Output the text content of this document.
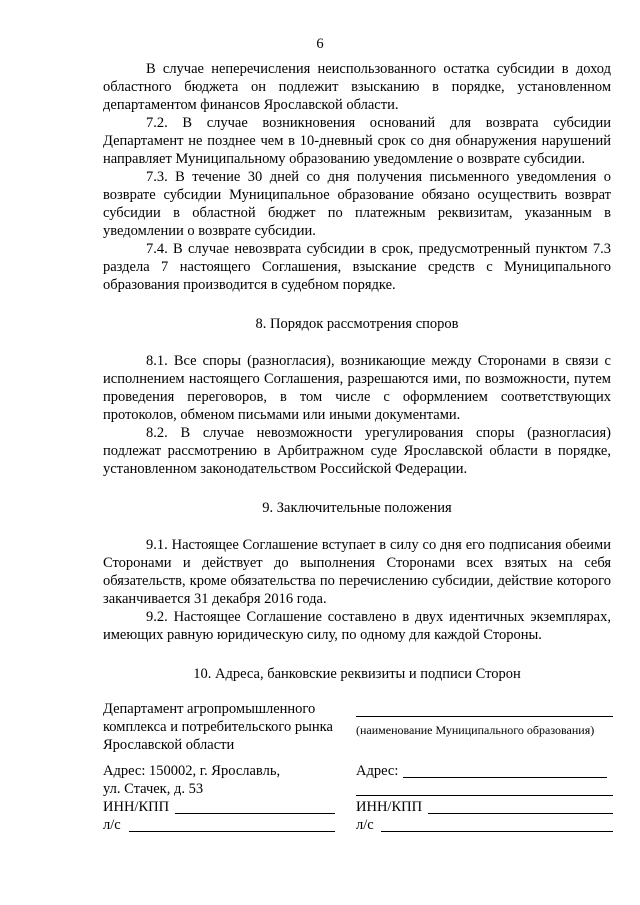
6

В случае неперечисления неиспользованного остатка субсидии в доход областного бюджета он подлежит взысканию в порядке, установленном департаментом финансов Ярославской области.

7.2. В случае возникновения оснований для возврата субсидии Департамент не позднее чем в 10-дневный срок со дня обнаружения нарушений направляет Муниципальному образованию уведомление о возврате субсидии.

7.3. В течение 30 дней со дня получения письменного уведомления о возврате субсидии Муниципальное образование обязано осуществить возврат субсидии в областной бюджет по платежным реквизитам, указанным в уведомлении о возврате субсидии.

7.4. В случае невозврата субсидии в срок, предусмотренный пунктом 7.3 раздела 7 настоящего Соглашения, взыскание средств с Муниципального образования производится в судебном порядке.

8. Порядок рассмотрения споров

8.1. Все споры (разногласия), возникающие между Сторонами в связи с исполнением настоящего Соглашения, разрешаются ими, по возможности, путем проведения переговоров, в том числе с оформлением соответствующих протоколов, обменом письмами или иными документами.

8.2. В случае невозможности урегулирования споры (разногласия) подлежат рассмотрению в Арбитражном суде Ярославской области в порядке, установленном законодательством Российской Федерации.

9. Заключительные положения

9.1. Настоящее Соглашение вступает в силу со дня его подписания обеими Сторонами и действует до выполнения Сторонами всех взятых на себя обязательств, кроме обязательства по перечислению субсидии, действие которого заканчивается 31 декабря 2016 года.

9.2. Настоящее Соглашение составлено в двух идентичных экземплярах, имеющих равную юридическую силу, по одному для каждой Стороны.

10. Адреса, банковские реквизиты и подписи Сторон

Департамент агропромышленного
комплекса и потребительского рынка
Ярославской области
Адрес: 150002, г. Ярославль,
ул. Стачек, д. 53
ИНН/КПП
л/с
(наименование Муниципального образования)
Адрес:
ИНН/КПП
л/с
